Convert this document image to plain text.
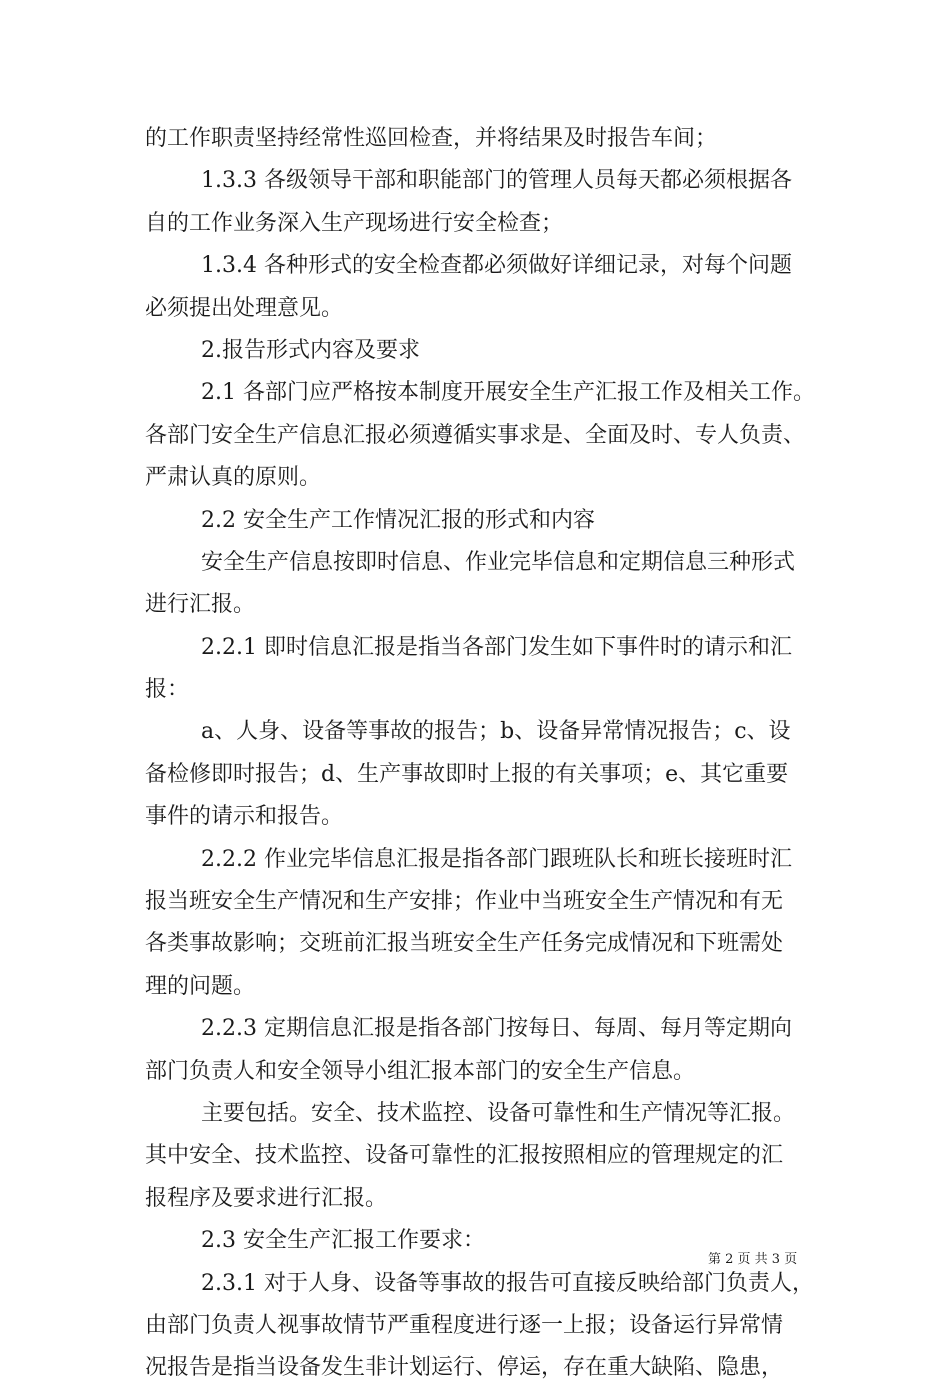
的工作职责坚持经常性巡回检查，并将结果及时报告车间；
1.3.3 各级领导干部和职能部门的管理人员每天都必须根据各
自的工作业务深入生产现场进行安全检查；
1.3.4 各种形式的安全检查都必须做好详细记录，对每个问题
必须提出处理意见。
2.报告形式内容及要求
2.1 各部门应严格按本制度开展安全生产汇报工作及相关工作。
各部门安全生产信息汇报必须遵循实事求是、全面及时、专人负责、
严肃认真的原则。
2.2 安全生产工作情况汇报的形式和内容
安全生产信息按即时信息、作业完毕信息和定期信息三种形式
进行汇报。
2.2.1 即时信息汇报是指当各部门发生如下事件时的请示和汇
报：
a、人身、设备等事故的报告；b、设备异常情况报告；c、设
备检修即时报告；d、生产事故即时上报的有关事项；e、其它重要
事件的请示和报告。
2.2.2 作业完毕信息汇报是指各部门跟班队长和班长接班时汇
报当班安全生产情况和生产安排；作业中当班安全生产情况和有无
各类事故影响；交班前汇报当班安全生产任务完成情况和下班需处
理的问题。
2.2.3 定期信息汇报是指各部门按每日、每周、每月等定期向
部门负责人和安全领导小组汇报本部门的安全生产信息。
主要包括。安全、技术监控、设备可靠性和生产情况等汇报。
其中安全、技术监控、设备可靠性的汇报按照相应的管理规定的汇
报程序及要求进行汇报。
2.3 安全生产汇报工作要求：
2.3.1 对于人身、设备等事故的报告可直接反映给部门负责人，
由部门负责人视事故情节严重程度进行逐一上报；设备运行异常情
况报告是指当设备发生非计划运行、停运，存在重大缺陷、隐患，
第 2 页 共 3 页
